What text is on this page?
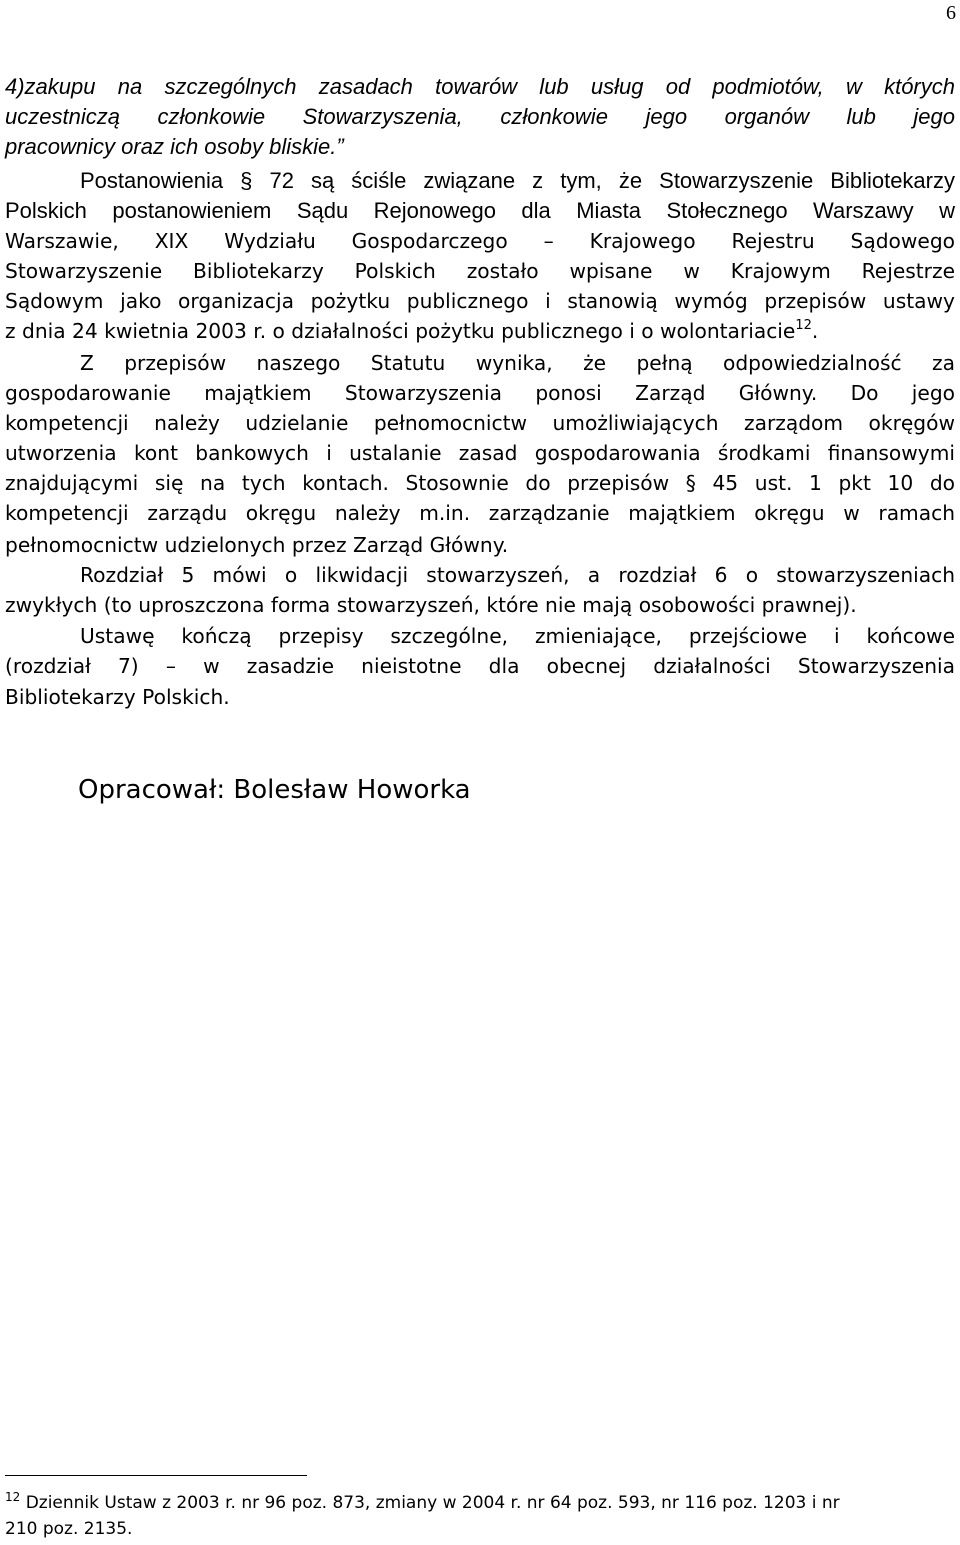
6
4)zakupu na szczególnych zasadach towarów lub usług od podmiotów, w których
uczestniczą członkowie Stowarzyszenia, członkowie jego organów lub jego
pracownicy oraz ich osoby bliskie.”
Postanowienia § 72 są ściśle związane z tym, że Stowarzyszenie Bibliotekarzy
Polskich postanowieniem Sądu Rejonowego dla Miasta Stołecznego Warszawy w
Warszawie, XIX Wydziału Gospodarczego – Krajowego Rejestru Sądowego
Stowarzyszenie Bibliotekarzy Polskich zostało wpisane w Krajowym Rejestrze
Sądowym jako organizacja pożytku publicznego i stanowią wymóg przepisów ustawy
z dnia 24 kwietnia 2003 r. o działalności pożytku publicznego i o wolontariacie$^{12}$.
Z przepisów naszego Statutu wynika, że pełną odpowiedzialność za
gospodarowanie majątkiem Stowarzyszenia ponosi Zarząd Główny. Do jego
kompetencji należy udzielanie pełnomocnictw umożliwiających zarządom okręgów
utworzenia kont bankowych i ustalanie zasad gospodarowania środkami finansowymi
znajdującymi się na tych kontach. Stosownie do przepisów § 45 ust. 1 pkt 10 do
kompetencji zarządu okręgu należy m.in. zarządzanie majątkiem okręgu w ramach
pełnomocnictw udzielonych przez Zarząd Główny.
Rozdział 5 mówi o likwidacji stowarzyszeń, a rozdział 6 o stowarzyszeniach
zwykłych (to uproszczona forma stowarzyszeń, które nie mają osobowości prawnej).
Ustawę kończą przepisy szczególne, zmieniające, przejściowe i końcowe
(rozdział 7) – w zasadzie nieistotne dla obecnej działalności Stowarzyszenia
Bibliotekarzy Polskich.
Opracował: Bolesław Howorka
$^{12}$ Dziennik Ustaw z 2003 r. nr 96 poz. 873, zmiany w 2004 r. nr 64 poz. 593, nr 116 poz. 1203 i nr
210 poz. 2135.
